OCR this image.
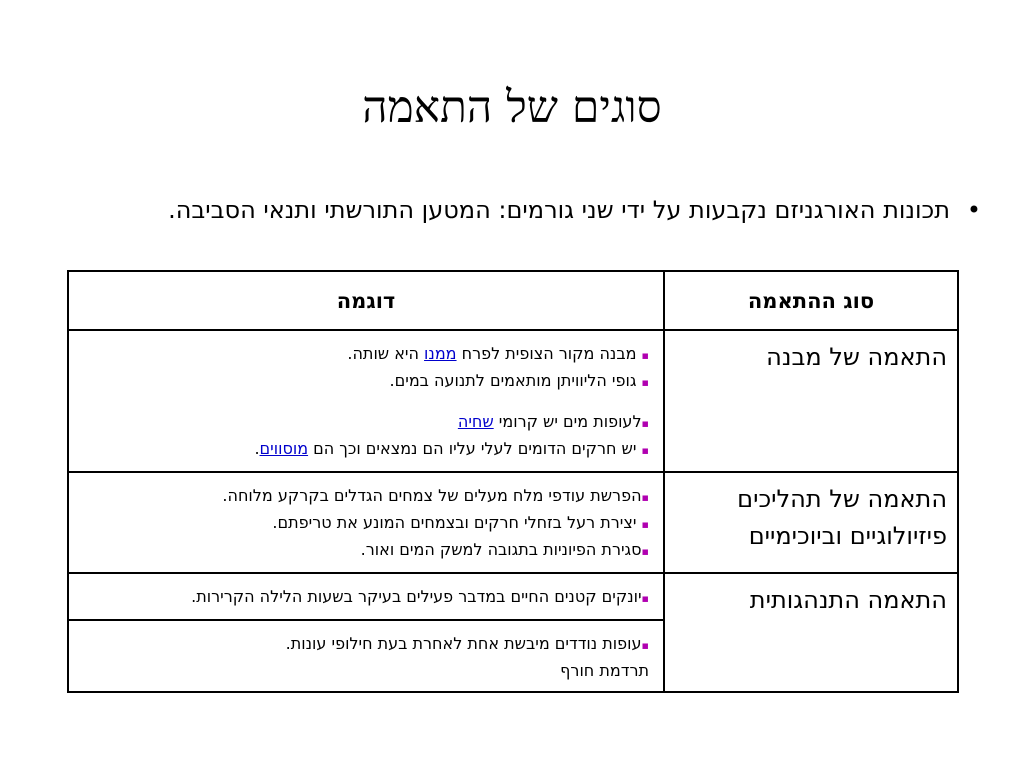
סוגים של התאמה
•
תכונות האורגניזם נקבעות על ידי שני גורמים: המטען התורשתי ותנאי הסביבה.
סוג ההתאמה	דוגמה
התאמה של מבנה	▪ מבנה מקור הצופית לפרח ממנו היא שותה.
▪ גופי הליוויתן מותאמים לתנועה במים.
▪לעופות מים יש קרומי שחיה
▪ יש חרקים הדומים לעלי עליו הם נמצאים וכך הם מוסווים.

התאמה של תהליכים פיזיולוגיים וביוכימיים	▪הפרשת עודפי מלח מעלים של צמחים הגדלים בקרקע מלוחה.
▪ יצירת רעל בזחלי חרקים ובצמחים המונע את טריפתם.
▪סגירת הפיוניות בתגובה למשק המים ואור.

התאמה התנהגותית	▪יונקים קטנים החיים במדבר פעילים בעיקר בשעות הלילה הקרירות.

	▪עופות נודדים מיבשת אחת לאחרת בעת חילופי עונות.
תרדמת חורף
